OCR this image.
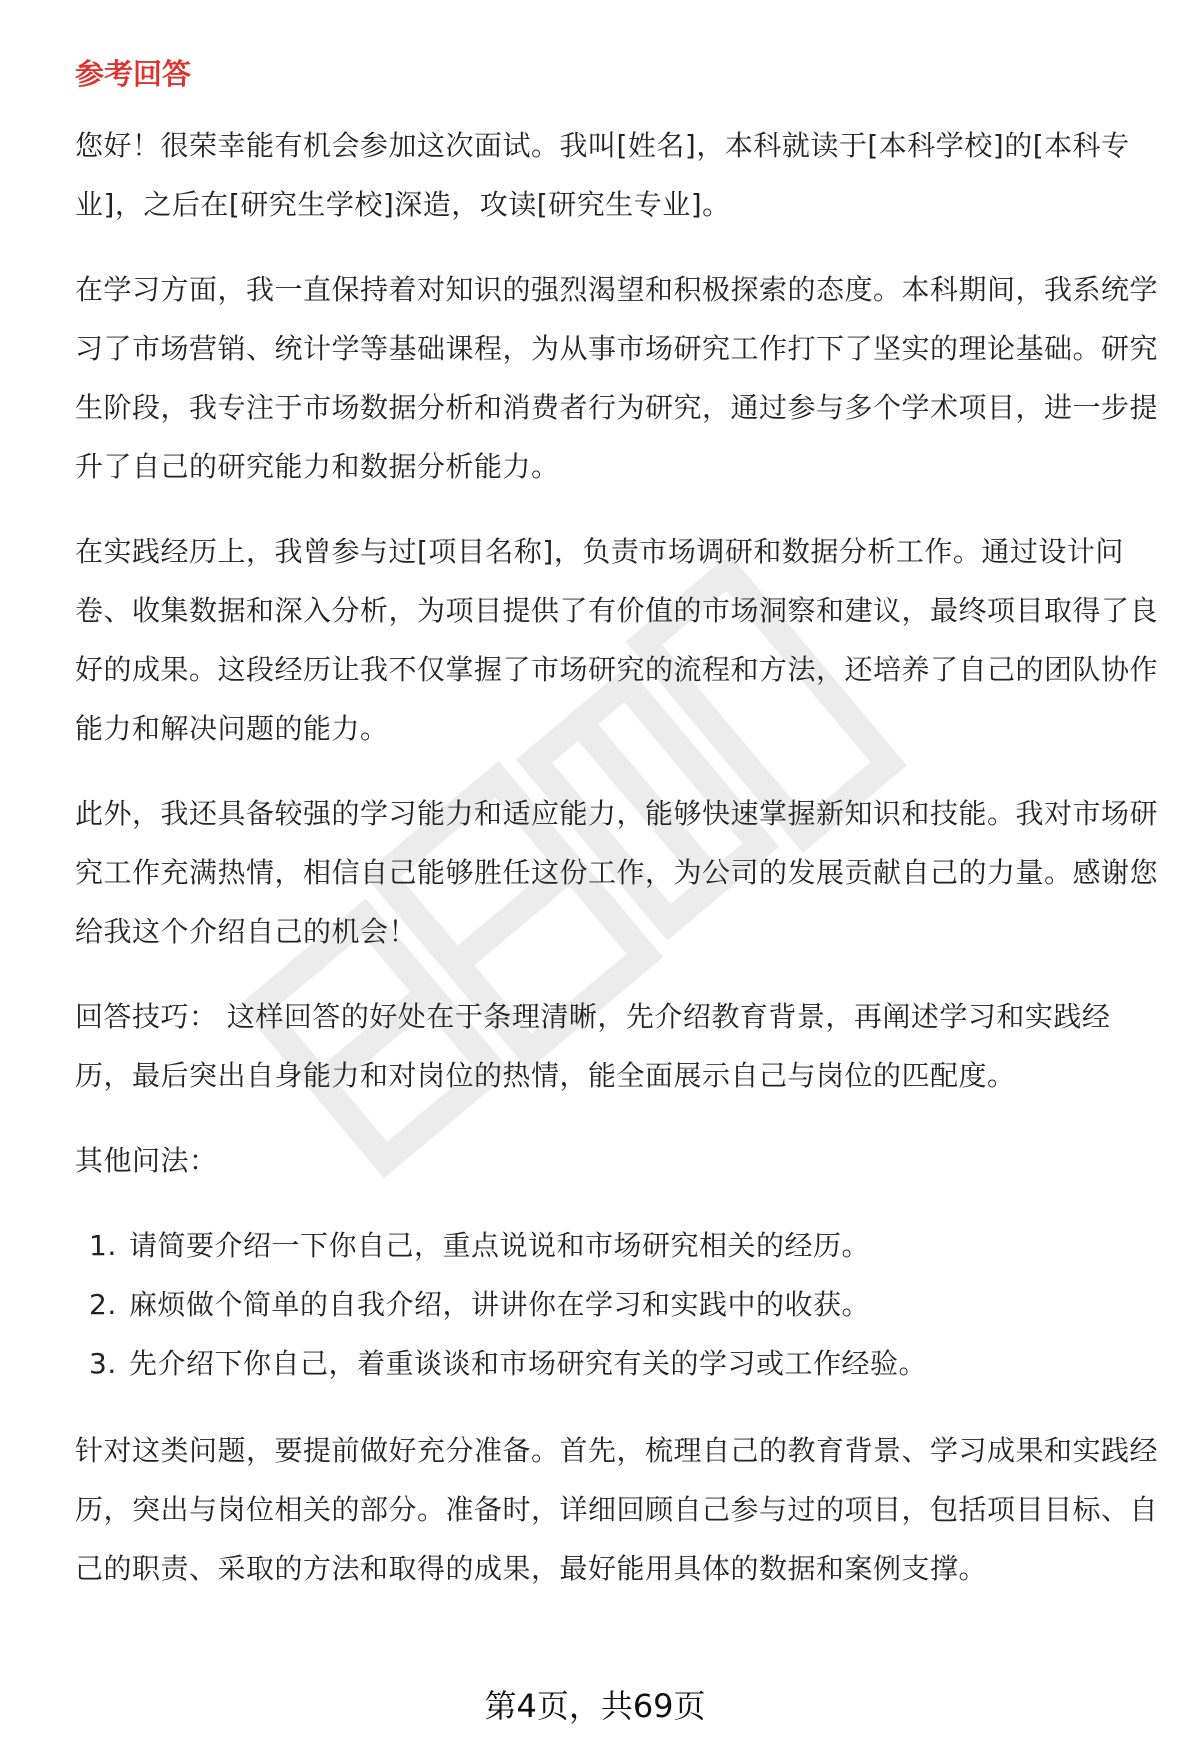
参考回答

您好！很荣幸能有机会参加这次面试。我叫[姓名]，本科就读于[本科学校]的[本科专业]，之后在[研究生学校]深造，攻读[研究生专业]。

在学习方面，我一直保持着对知识的强烈渴望和积极探索的态度。本科期间，我系统学习了市场营销、统计学等基础课程，为从事市场研究工作打下了坚实的理论基础。研究生阶段，我专注于市场数据分析和消费者行为研究，通过参与多个学术项目，进一步提升了自己的研究能力和数据分析能力。

在实践经历上，我曾参与过[项目名称]，负责市场调研和数据分析工作。通过设计问卷、收集数据和深入分析，为项目提供了有价值的市场洞察和建议，最终项目取得了良好的成果。这段经历让我不仅掌握了市场研究的流程和方法，还培养了自己的团队协作能力和解决问题的能力。

此外，我还具备较强的学习能力和适应能力，能够快速掌握新知识和技能。我对市场研究工作充满热情，相信自己能够胜任这份工作，为公司的发展贡献自己的力量。感谢您给我这个介绍自己的机会！

回答技巧： 这样回答的好处在于条理清晰，先介绍教育背景，再阐述学习和实践经历，最后突出自身能力和对岗位的热情，能全面展示自己与岗位的匹配度。

其他问法：

1. 请简要介绍一下你自己，重点说说和市场研究相关的经历。
2. 麻烦做个简单的自我介绍，讲讲你在学习和实践中的收获。
3. 先介绍下你自己，着重谈谈和市场研究有关的学习或工作经验。

针对这类问题，要提前做好充分准备。首先，梳理自己的教育背景、学习成果和实践经历，突出与岗位相关的部分。准备时，详细回顾自己参与过的项目，包括项目目标、自己的职责、采取的方法和取得的成果，最好能用具体的数据和案例支撑。

第4页，共69页
